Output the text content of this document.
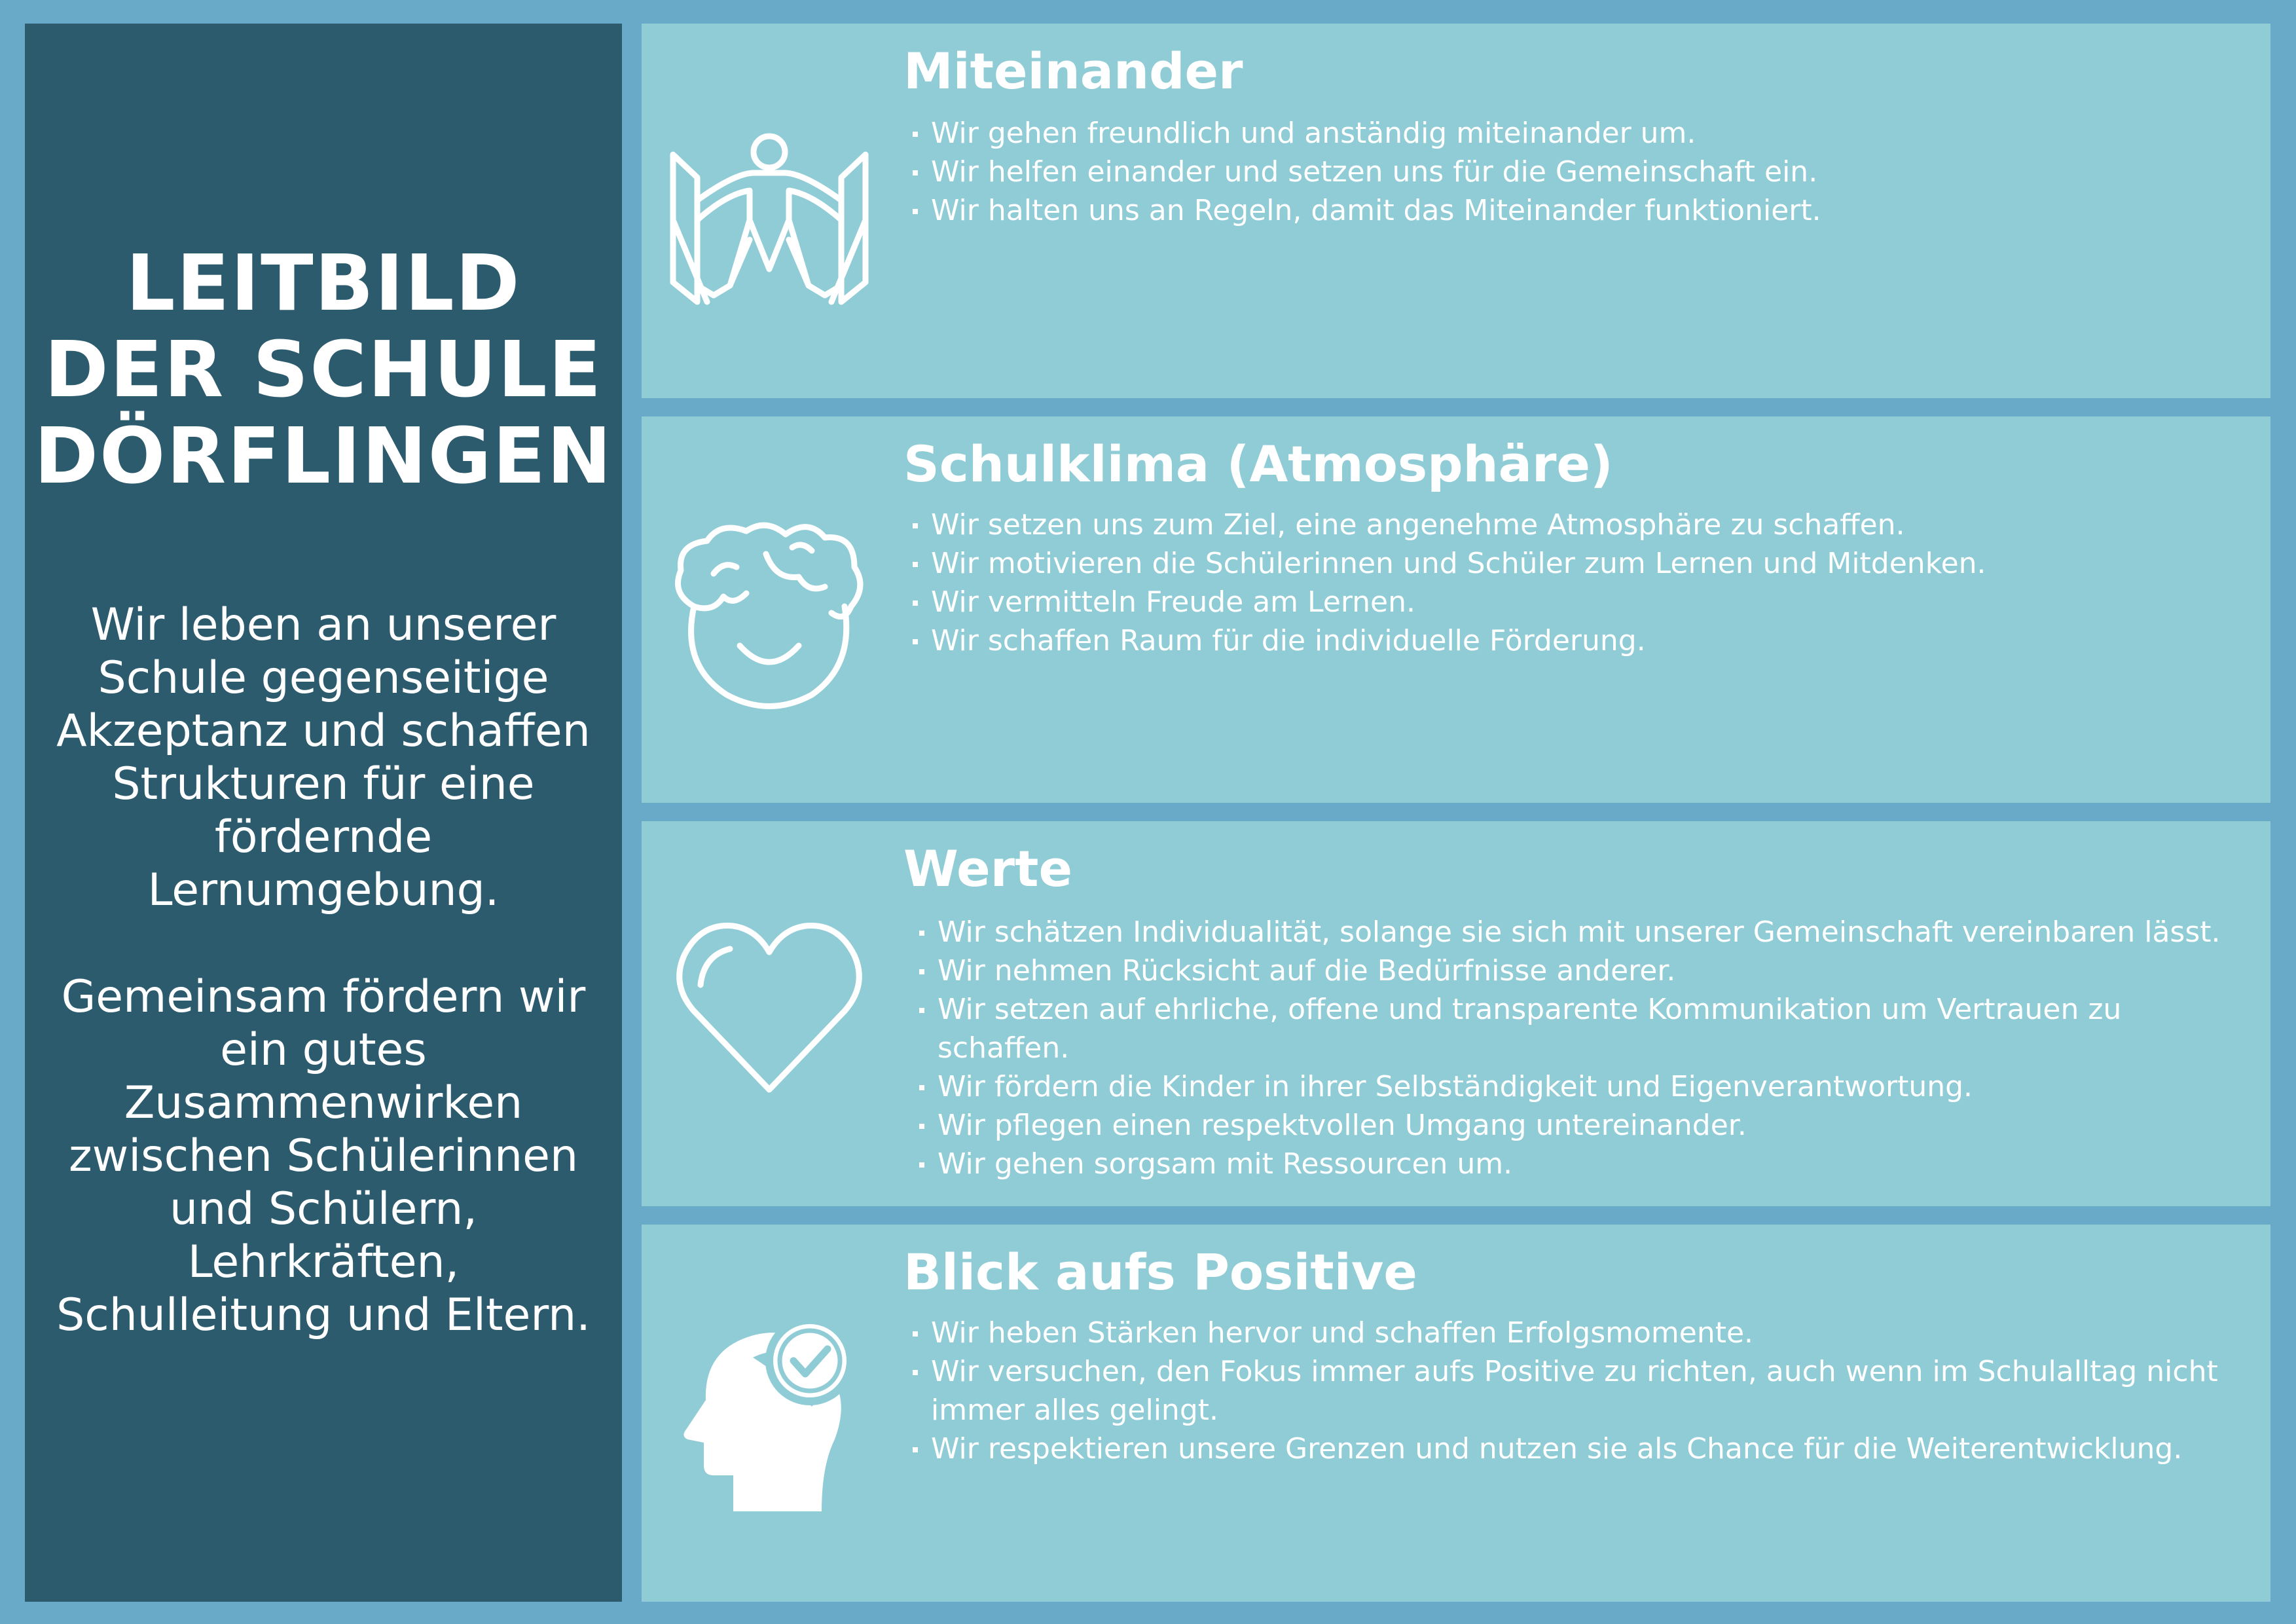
LEITBILD
DER SCHULE
DÖRFLINGEN

Wir leben an unserer Schule gegenseitige Akzeptanz und schaffen Strukturen für eine fördernde Lernumgebung.

Gemeinsam fördern wir ein gutes Zusammenwirken zwischen Schülerinnen und Schülern, Lehrkräften, Schulleitung und Eltern.

Miteinander
Wir gehen freundlich und anständig miteinander um.
Wir helfen einander und setzen uns für die Gemeinschaft ein.
Wir halten uns an Regeln, damit das Miteinander funktioniert.
Schulklima (Atmosphäre)
Wir setzen uns zum Ziel, eine angenehme Atmosphäre zu schaffen.
Wir motivieren die Schülerinnen und Schüler zum Lernen und Mitdenken.
Wir vermitteln Freude am Lernen.
Wir schaffen Raum für die individuelle Förderung.
Werte
Wir schätzen Individualität, solange sie sich mit unserer Gemeinschaft vereinbaren lässt.
Wir nehmen Rücksicht auf die Bedürfnisse anderer.
Wir setzen auf ehrliche, offene und transparente Kommunikation um Vertrauen zu schaffen.
Wir fördern die Kinder in ihrer Selbständigkeit und Eigenverantwortung.
Wir pflegen einen respektvollen Umgang untereinander.
Wir gehen sorgsam mit Ressourcen um.
Blick aufs Positive
Wir heben Stärken hervor und schaffen Erfolgsmomente.
Wir versuchen, den Fokus immer aufs Positive zu richten, auch wenn im Schulalltag nicht immer alles gelingt.
Wir respektieren unsere Grenzen und nutzen sie als Chance für die Weiterentwicklung.
